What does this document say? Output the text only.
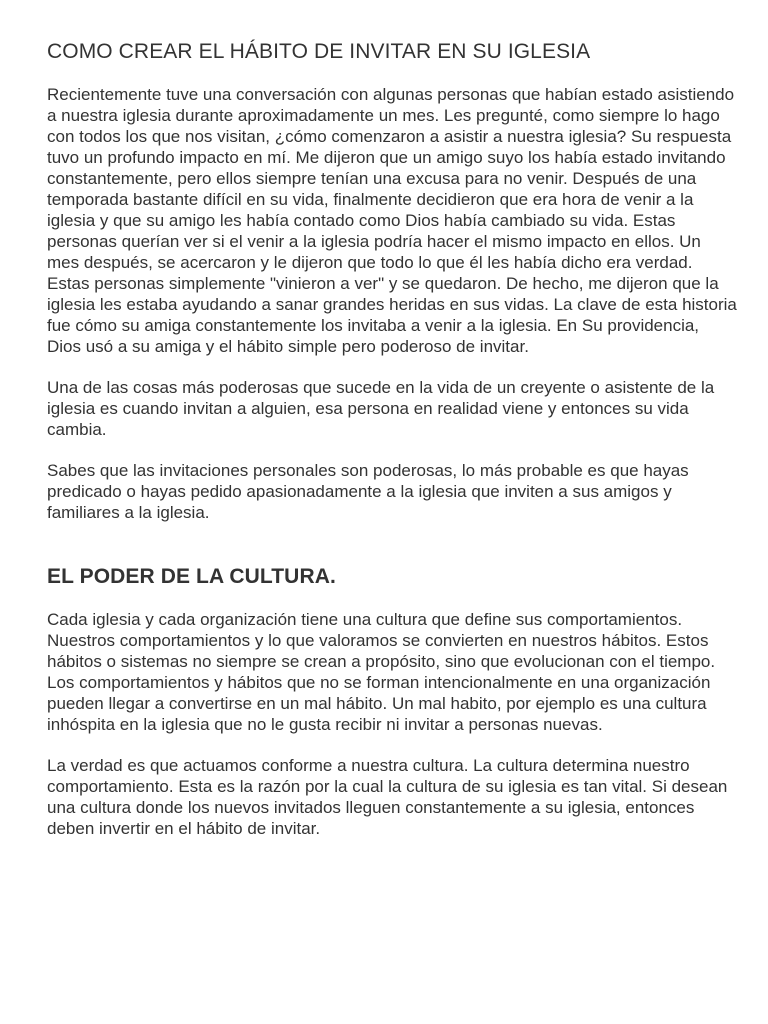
COMO CREAR EL HÁBITO DE INVITAR EN SU IGLESIA

Recientemente tuve una conversación con algunas personas que habían estado asistiendo a nuestra iglesia durante aproximadamente un mes. Les pregunté, como siempre lo hago con todos los que nos visitan, ¿cómo comenzaron a asistir a nuestra iglesia? Su respuesta tuvo un profundo impacto en mí. Me dijeron que un amigo suyo los había estado invitando constantemente, pero ellos siempre tenían una excusa para no venir. Después de una temporada bastante difícil en su vida, finalmente decidieron que era hora de venir a la iglesia y que su amigo les había contado como Dios había cambiado su vida. Estas personas querían ver si el venir a la iglesia podría hacer el mismo impacto en ellos. Un mes después, se acercaron y le dijeron que todo lo que él les había dicho era verdad. Estas personas simplemente "vinieron a ver" y se quedaron. De hecho, me dijeron que la iglesia les estaba ayudando a sanar grandes heridas en sus vidas. La clave de esta historia fue cómo su amiga constantemente los invitaba a venir a la iglesia. En Su providencia, Dios usó a su amiga y el hábito simple pero poderoso de invitar.

Una de las cosas más poderosas que sucede en la vida de un creyente o asistente de la iglesia es cuando invitan a alguien, esa persona en realidad viene y entonces su vida cambia.

Sabes que las invitaciones personales son poderosas, lo más probable es que hayas predicado o hayas pedido apasionadamente a la iglesia que inviten a sus amigos y familiares a la iglesia.

EL PODER DE LA CULTURA.

Cada iglesia y cada organización tiene una cultura que define sus comportamientos. Nuestros comportamientos y lo que valoramos se convierten en nuestros hábitos. Estos hábitos o sistemas no siempre se crean a propósito, sino que evolucionan con el tiempo. Los comportamientos y hábitos que no se forman intencionalmente en una organización pueden llegar a convertirse en un mal hábito. Un mal habito, por ejemplo es una cultura inhóspita en la iglesia que no le gusta recibir ni invitar a personas nuevas.

La verdad es que actuamos conforme a nuestra cultura. La cultura determina nuestro comportamiento. Esta es la razón por la cual la cultura de su iglesia es tan vital. Si desean una cultura donde los nuevos invitados lleguen constantemente a su iglesia, entonces deben invertir en el hábito de invitar.
